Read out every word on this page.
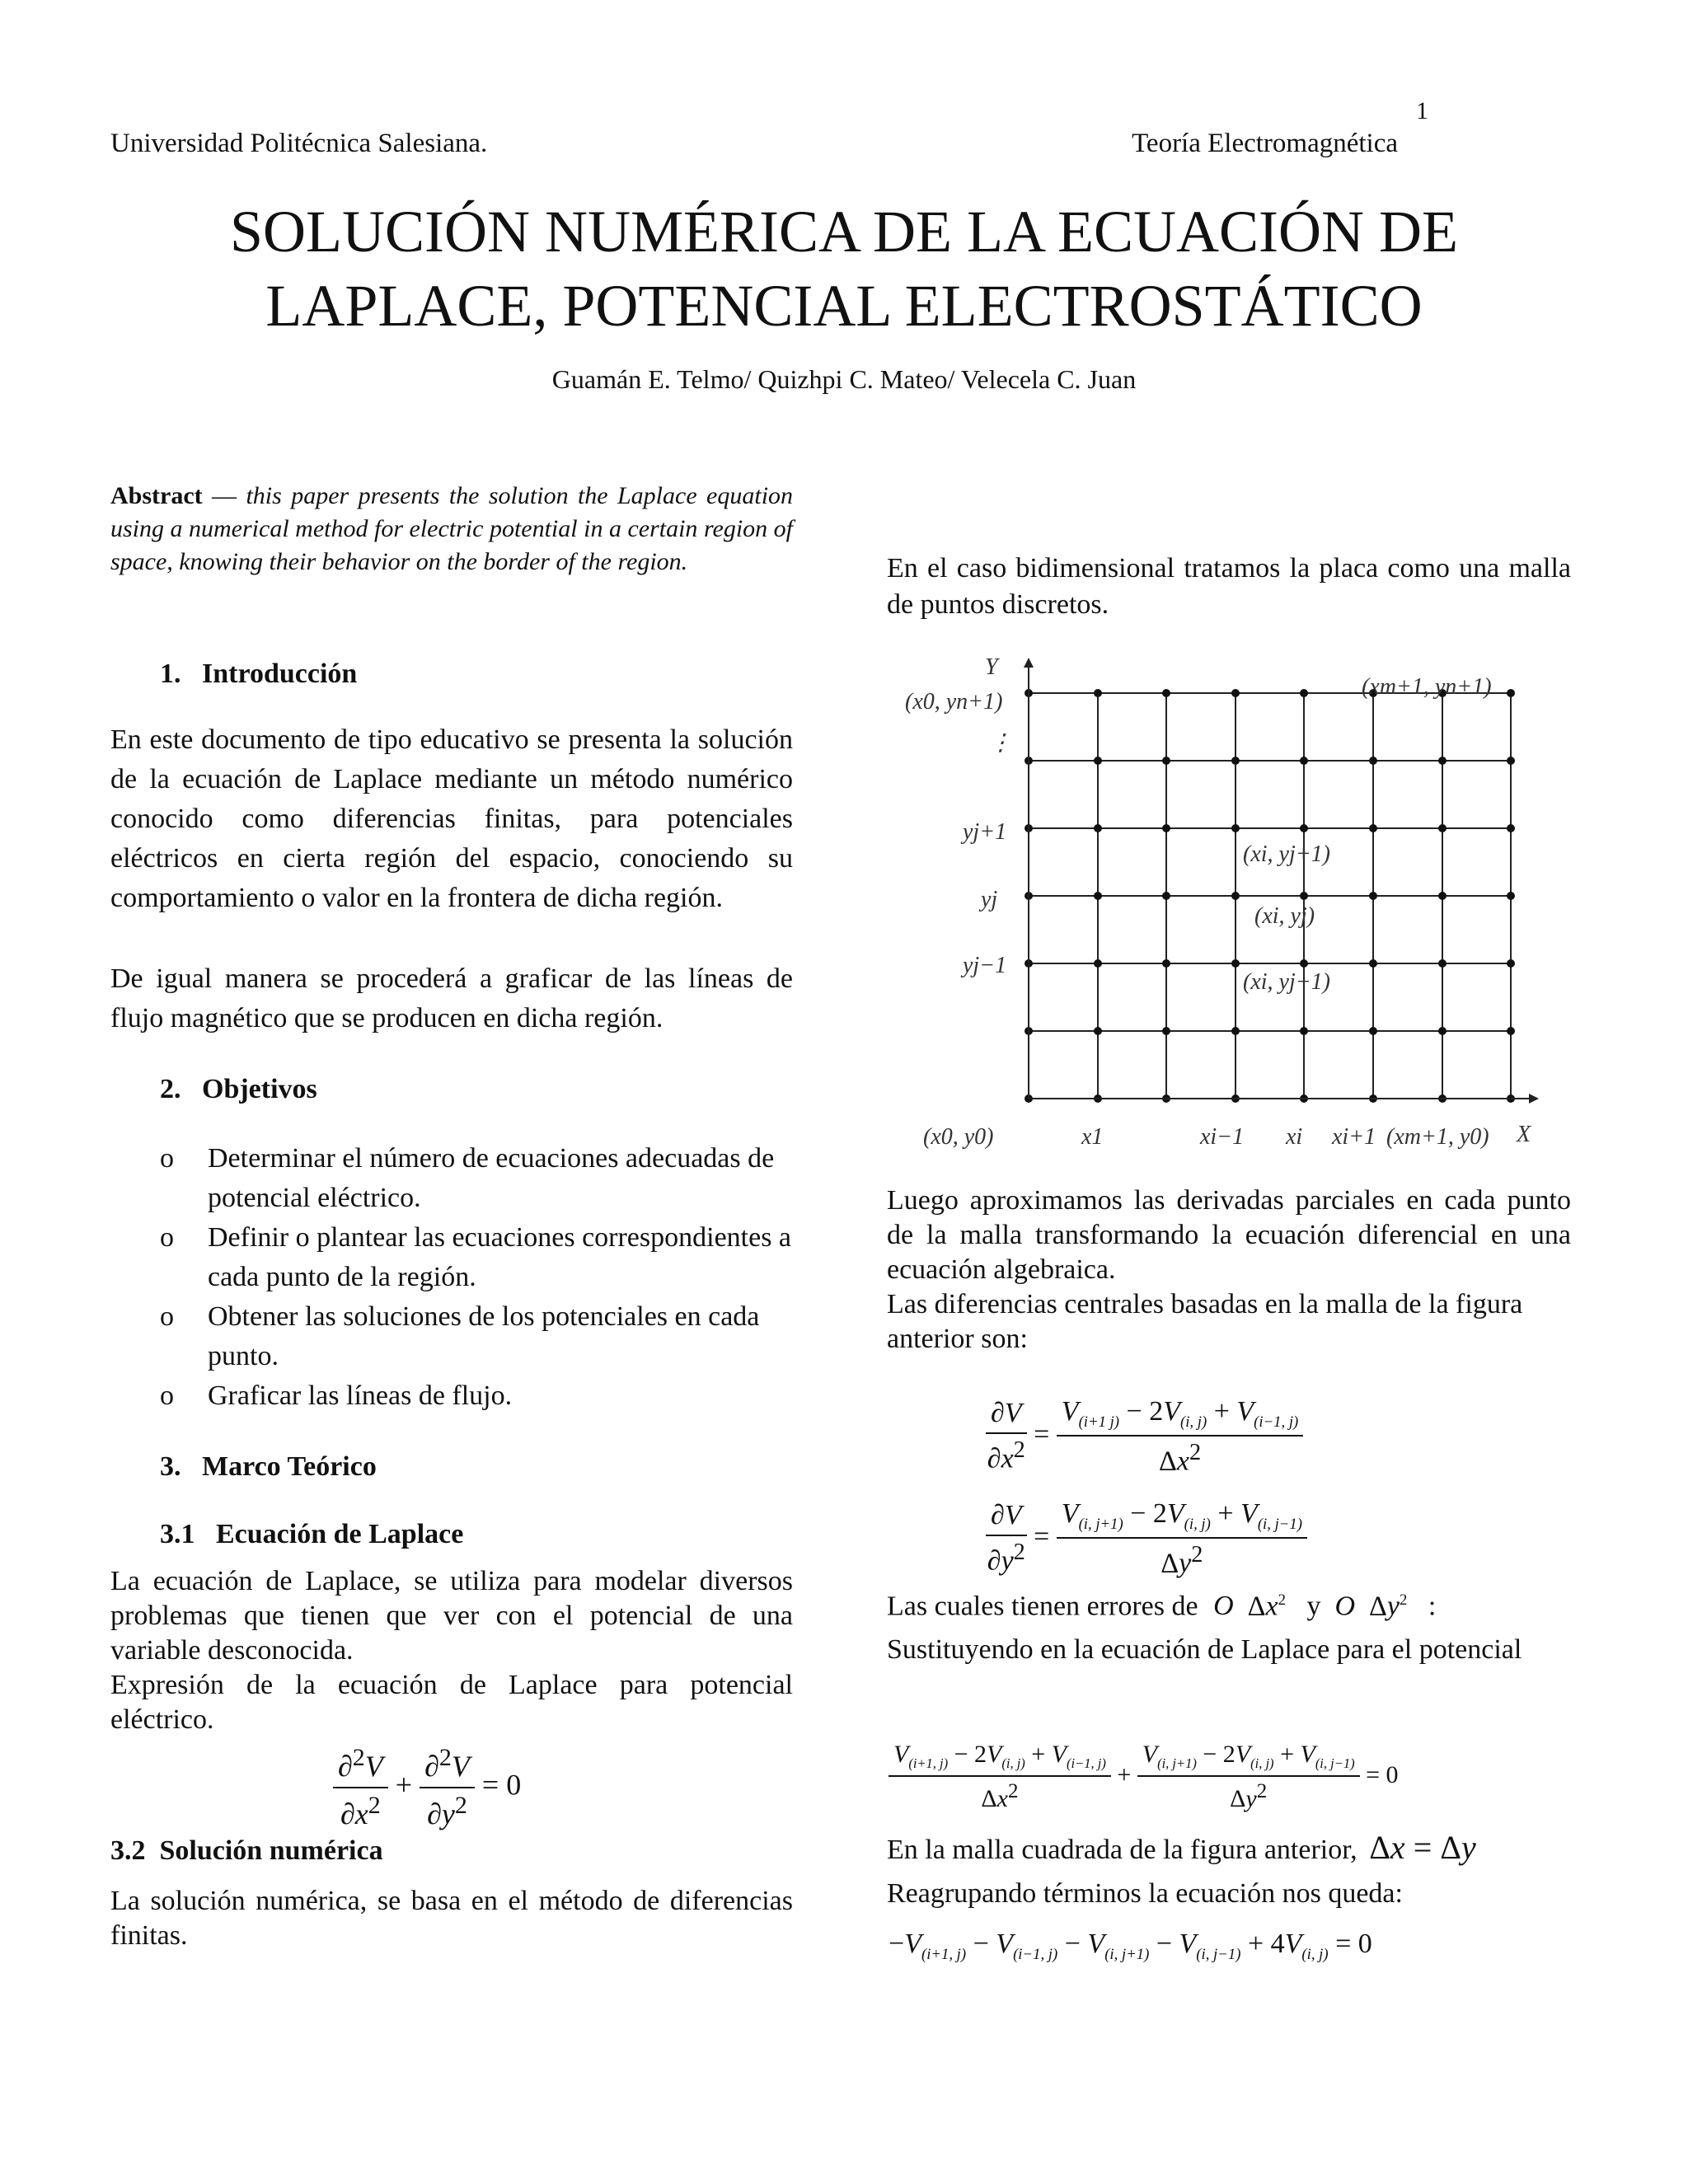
1
Universidad Politécnica Salesiana.	Teoría Electromagnética
SOLUCIÓN NUMÉRICA DE LA ECUACIÓN DE
LAPLACE, POTENCIAL ELECTROSTÁTICO
Guamán E. Telmo/ Quizhpi C. Mateo/ Velecela C. Juan
Abstract — this paper presents the solution the Laplace equation using a numerical method for electric potential in a certain region of space, knowing their behavior on the border of the region.
1. Introducción
En este documento de tipo educativo se presenta la solución de la ecuación de Laplace mediante un método numérico conocido como diferencias finitas, para potenciales eléctricos en cierta región del espacio, conociendo su comportamiento o valor en la frontera de dicha región.
De igual manera se procederá a graficar de las líneas de flujo magnético que se producen en dicha región.
2. Objetivos
o Determinar el número de ecuaciones adecuadas de potencial eléctrico.
o Definir o plantear las ecuaciones correspondientes a cada punto de la región.
o Obtener las soluciones de los potenciales en cada punto.
o Graficar las líneas de flujo.
3. Marco Teórico
3.1 Ecuación de Laplace
La ecuación de Laplace, se utiliza para modelar diversos problemas que tienen que ver con el potencial de una variable desconocida.
Expresión de la ecuación de Laplace para potencial eléctrico.
$\frac{\partial^2V}{\partial x^2} + \frac{\partial^2V}{\partial y^2} = 0$
3.2 Solución numérica
La solución numérica, se basa en el método de diferencias finitas.
En el caso bidimensional tratamos la placa como una malla de puntos discretos.
Y
X
(x0, yn+1)
(xm+1, yn+1)
⋮
yj+1
yj
yj−1
(xi, yj+1)
(xi, yj)
(xi, yj−1)
(x0, y0)	x1	xi−1 xi xi+1 (xm+1, y0)
Luego aproximamos las derivadas parciales en cada punto de la malla transformando la ecuación diferencial en una ecuación algebraica.
Las diferencias centrales basadas en la malla de la figura anterior son:
$\frac{\partial V}{\partial x^2} = \frac{V_{(i+1 j)} - 2V_{(i, j)} + V_{(i-1, j)}}{\Delta x^2}$
$\frac{\partial V}{\partial y^2} = \frac{V_{(i, j+1)} - 2V_{(i, j)} + V_{(i, j-1)}}{\Delta y^2}$
Las cuales tienen errores de O  $\Delta x^2$ y O  $\Delta y^2$   :
Sustituyendo en la ecuación de Laplace para el potencial
$\frac{V_{(i+1, j)} - 2V_{(i, j)} + V_{(i-1, j)}}{\Delta x^2} + \frac{V_{(i, j+1)} - 2V_{(i, j)} + V_{(i, j-1)}}{\Delta y^2} = 0$
En la malla cuadrada de la figura anterior, Δx = Δy
Reagrupando términos la ecuación nos queda:
$-V_{(i+1, j)} - V_{(i-1, j)} - V_{(i, j+1)} - V_{(i, j-1)} + 4V_{(i, j)} = 0$
